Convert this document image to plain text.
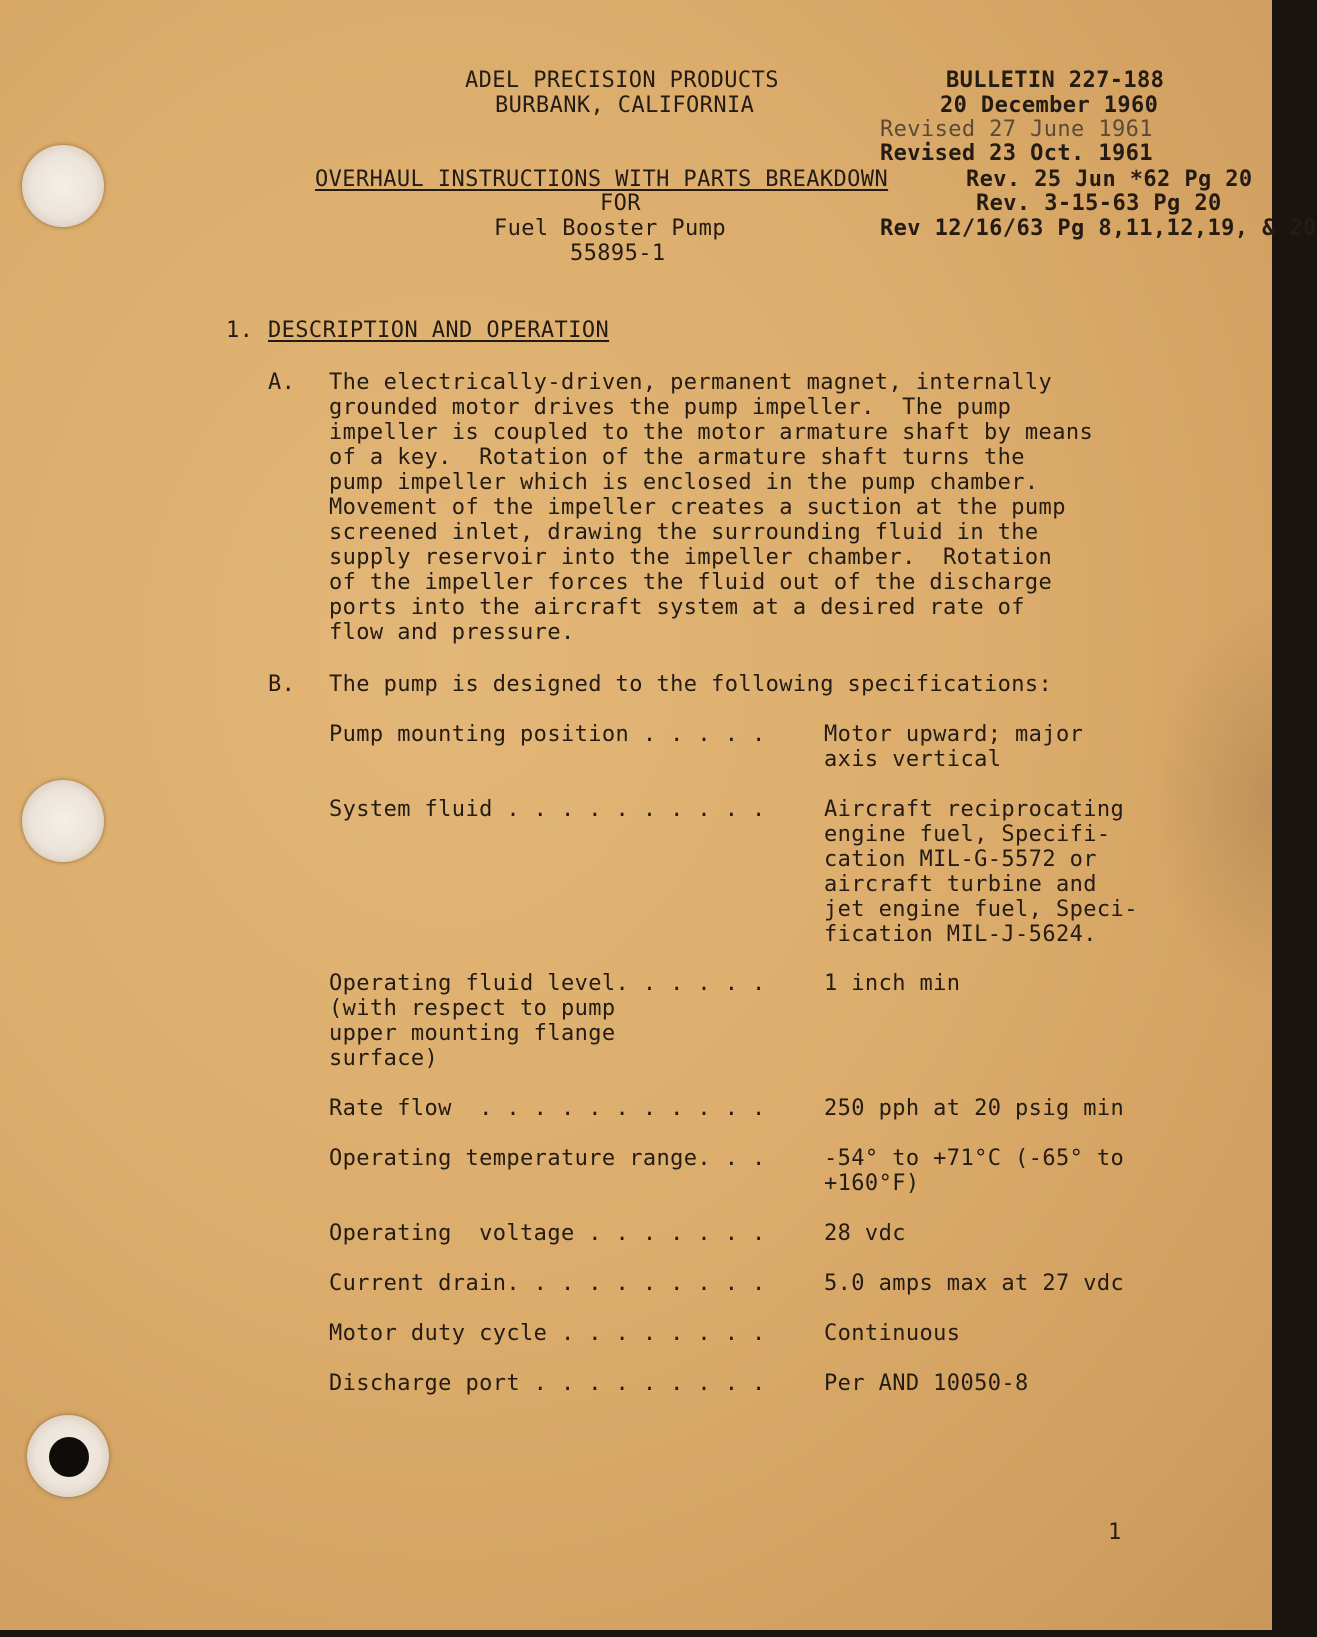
ADEL PRECISION PRODUCTS
BURBANK, CALIFORNIA
BULLETIN 227-188
20 December 1960
Revised 27 June 1961
Revised 23 Oct. 1961
OVERHAUL INSTRUCTIONS WITH PARTS BREAKDOWN	Rev. 25 Jun *62 Pg 20
FOR	Rev. 3-15-63 Pg 20
Fuel Booster Pump	Rev 12/16/63 Pg 8,11,12,19, & 20
55895-1
1. DESCRIPTION AND OPERATION
A. The electrically-driven, permanent magnet, internally
grounded motor drives the pump impeller.  The pump
impeller is coupled to the motor armature shaft by means
of a key.  Rotation of the armature shaft turns the
pump impeller which is enclosed in the pump chamber.
Movement of the impeller creates a suction at the pump
screened inlet, drawing the surrounding fluid in the
supply reservoir into the impeller chamber.  Rotation
of the impeller forces the fluid out of the discharge
ports into the aircraft system at a desired rate of
flow and pressure.
B. The pump is designed to the following specifications:
Pump mounting position . . . . .	Motor upward; major
axis vertical
System fluid . . . . . . . . . .	Aircraft reciprocating
engine fuel, Specifi-
cation MIL-G-5572 or
aircraft turbine and
jet engine fuel, Speci-
fication MIL-J-5624.
Operating fluid level. . . . . .
(with respect to pump
upper mounting flange
surface)
1 inch min
Rate flow  . . . . . . . . . . .	250 pph at 20 psig min
Operating temperature range. . .	-54° to +71°C (-65° to
+160°F)
Operating  voltage . . . . . . .	28 vdc
Current drain. . . . . . . . . .	5.0 amps max at 27 vdc
Motor duty cycle . . . . . . . .	Continuous
Discharge port . . . . . . . . .	Per AND 10050-8
1
